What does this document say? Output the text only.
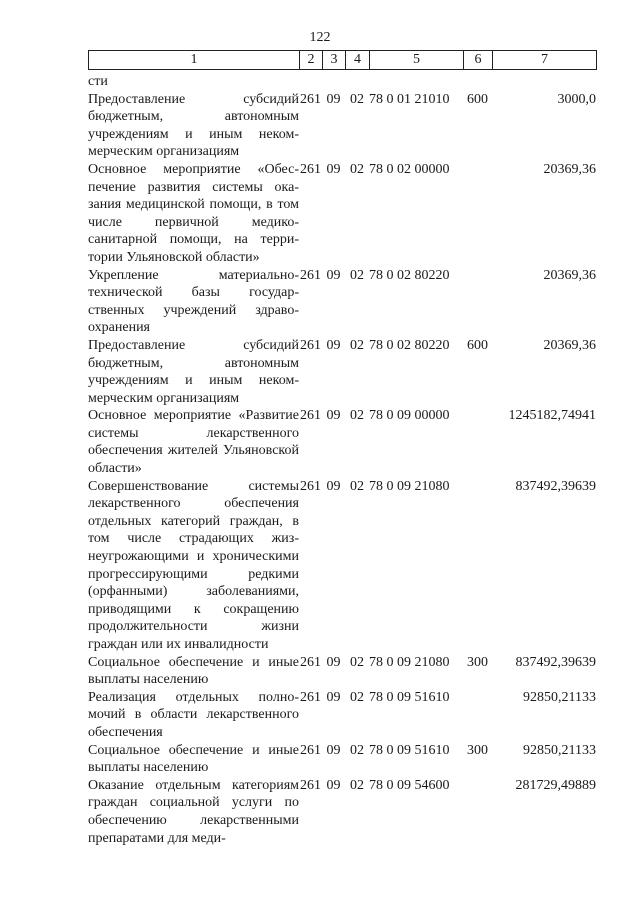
122
1	2	3	4	5	6	7
сти						
Предоставление субсидий бюджетным, автономным учреждениям и иным некоммерческим организациям	261	09	02	78 0 01 21010	600	3000,0
Основное мероприятие «Обеспечение развития системы оказания медицинской помощи, в том числе первичной медико-санитарной помощи, на территории Ульяновской области»	261	09	02	78 0 02 00000		20369,36
Укрепление материально-технической базы государственных учреждений здравоохранения	261	09	02	78 0 02 80220		20369,36
Предоставление субсидий бюджетным, автономным учреждениям и иным некоммерческим организациям	261	09	02	78 0 02 80220	600	20369,36
Основное мероприятие «Развитие системы лекарственного обеспечения жителей Ульяновской области»	261	09	02	78 0 09 00000		1245182,74941
Совершенствование системы лекарственного обеспечения отдельных категорий граждан, в том числе страдающих жизнеугрожающими и хроническими прогрессирующими редкими (орфанными) заболеваниями, приводящими к сокращению продолжительности жизни граждан или их инвалидности	261	09	02	78 0 09 21080		837492,39639
Социальное обеспечение и иные выплаты населению	261	09	02	78 0 09 21080	300	837492,39639
Реализация отдельных полномочий в области лекарственного обеспечения	261	09	02	78 0 09 51610		92850,21133
Социальное обеспечение и иные выплаты населению	261	09	02	78 0 09 51610	300	92850,21133
Оказание отдельным категориям граждан социальной услуги по обеспечению лекарственными препаратами для меди-	261	09	02	78 0 09 54600		281729,49889
